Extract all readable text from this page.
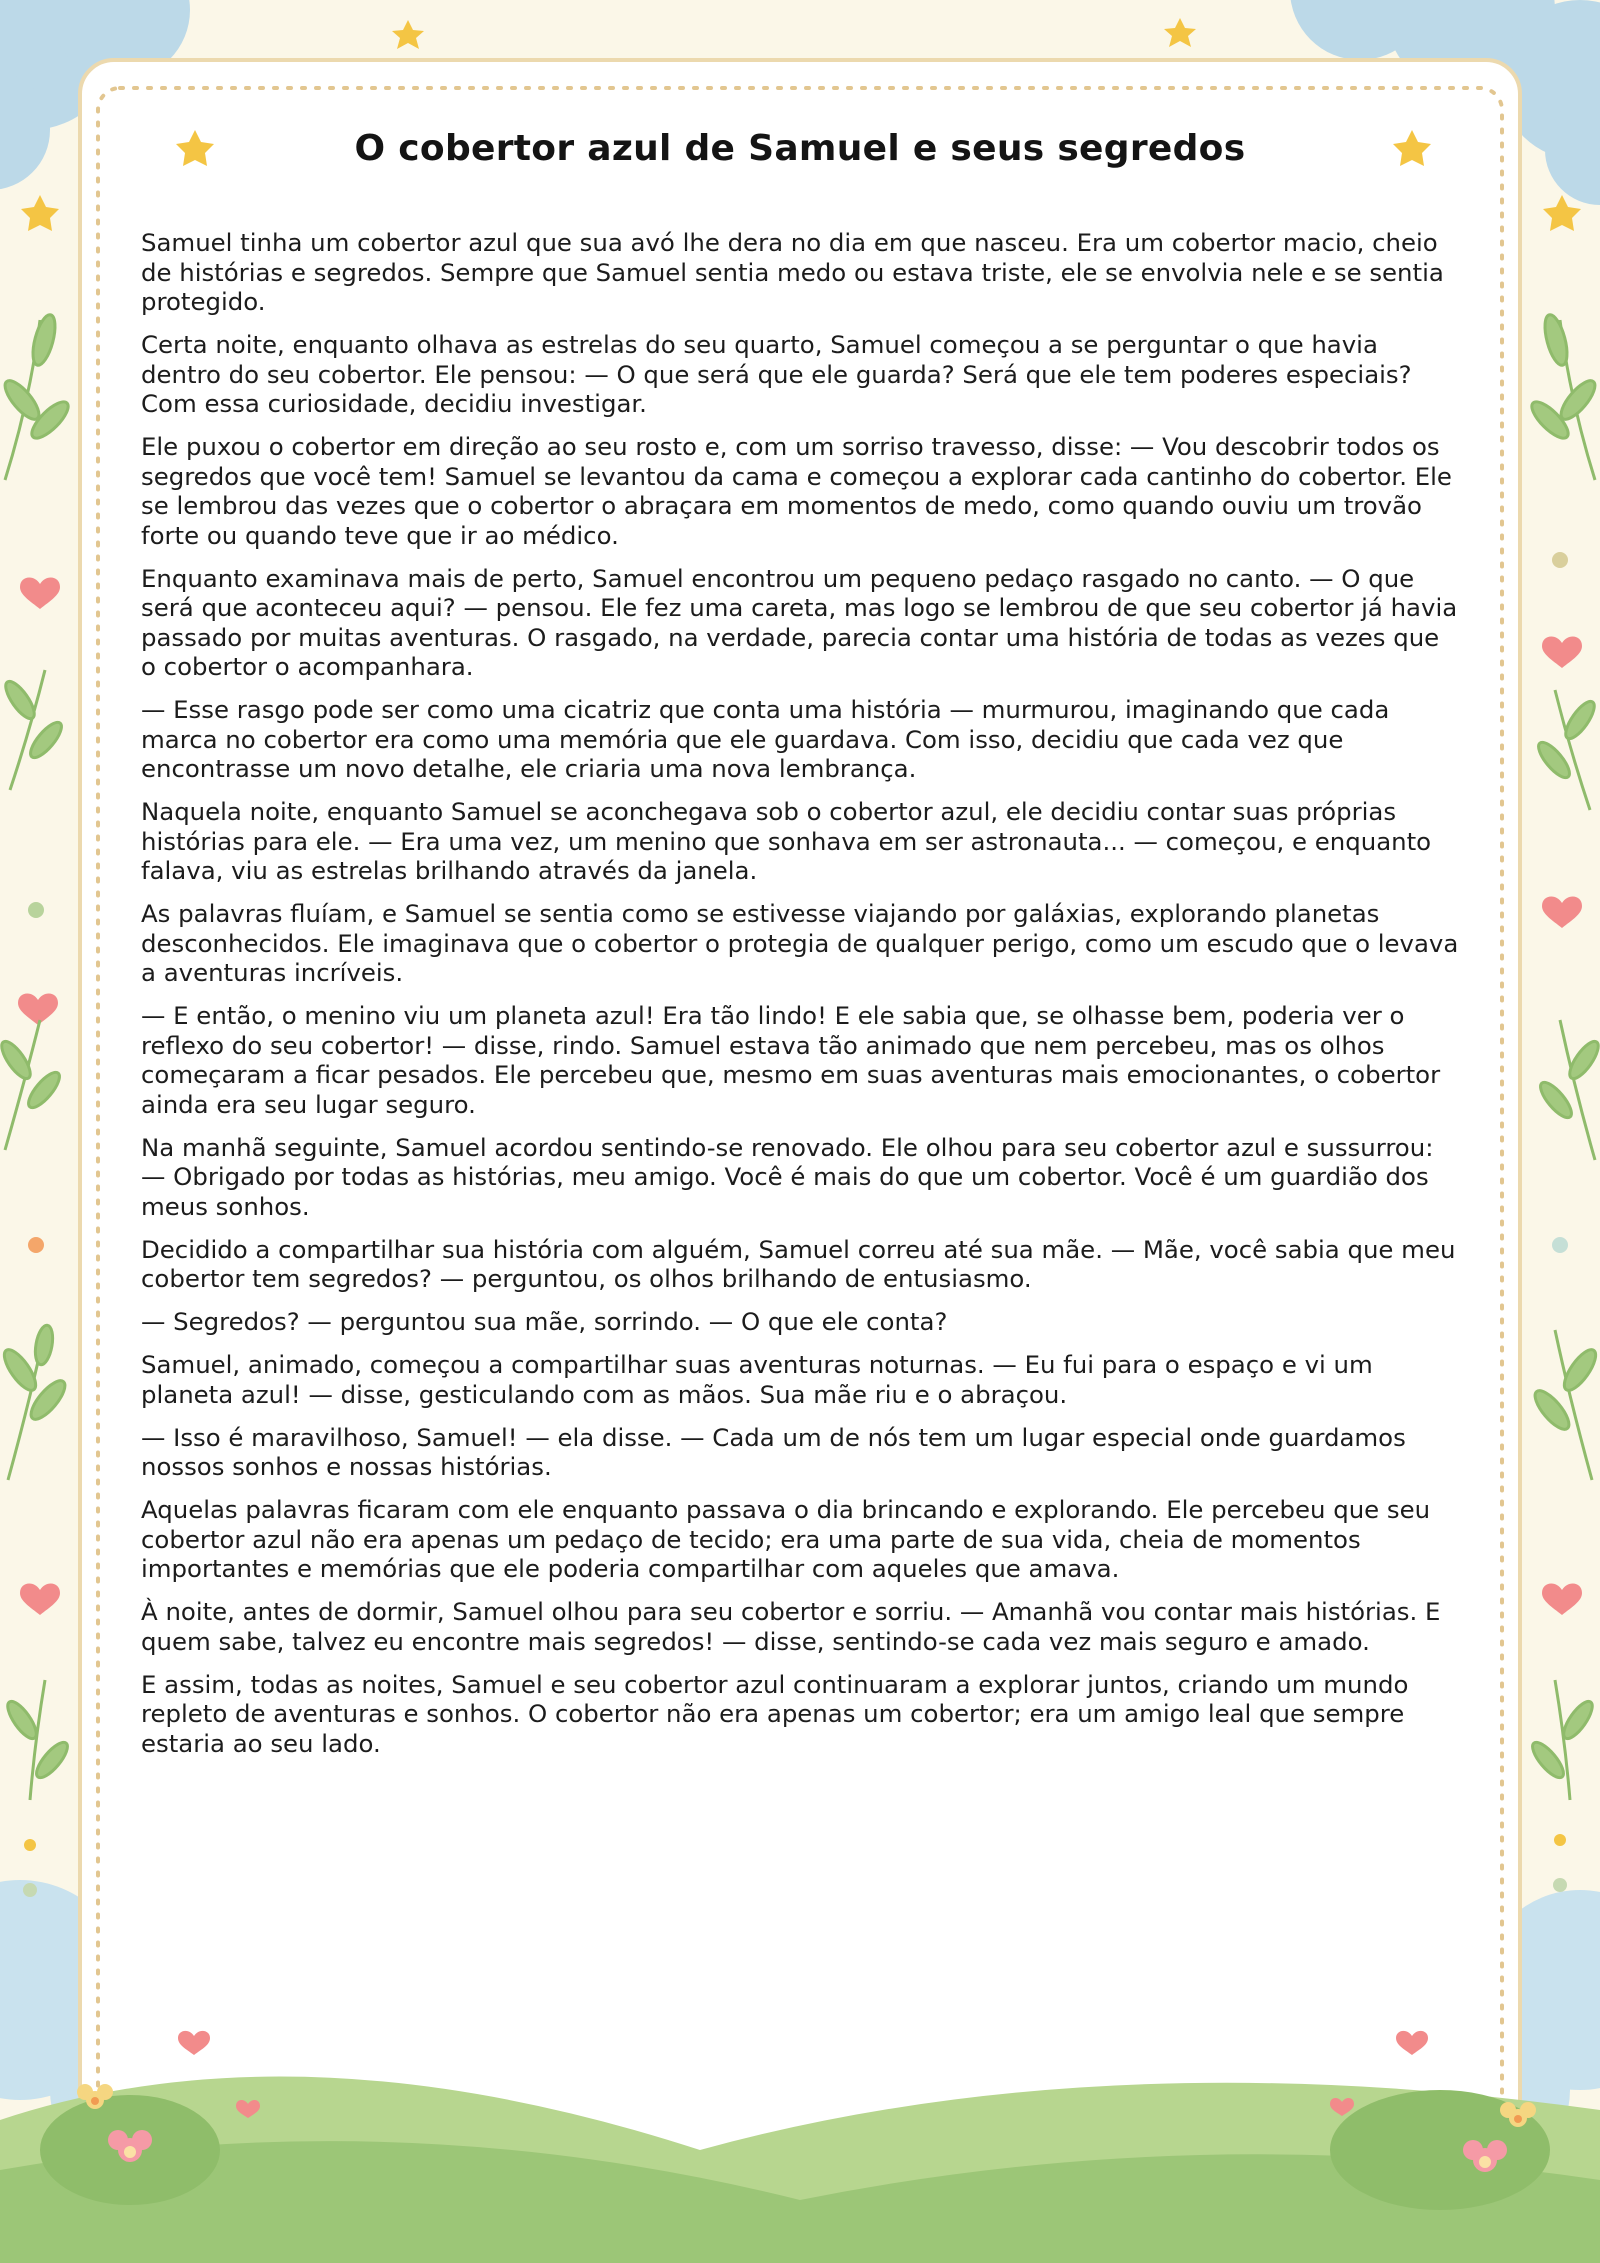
O cobertor azul de Samuel e seus segredos

Samuel tinha um cobertor azul que sua avó lhe dera no dia em que nasceu. Era um cobertor macio, cheio de histórias e segredos. Sempre que Samuel sentia medo ou estava triste, ele se envolvia nele e se sentia protegido.

Certa noite, enquanto olhava as estrelas do seu quarto, Samuel começou a se perguntar o que havia dentro do seu cobertor. Ele pensou: — O que será que ele guarda? Será que ele tem poderes especiais? Com essa curiosidade, decidiu investigar.

Ele puxou o cobertor em direção ao seu rosto e, com um sorriso travesso, disse: — Vou descobrir todos os segredos que você tem! Samuel se levantou da cama e começou a explorar cada cantinho do cobertor. Ele se lembrou das vezes que o cobertor o abraçara em momentos de medo, como quando ouviu um trovão forte ou quando teve que ir ao médico.

Enquanto examinava mais de perto, Samuel encontrou um pequeno pedaço rasgado no canto. — O que será que aconteceu aqui? — pensou. Ele fez uma careta, mas logo se lembrou de que seu cobertor já havia passado por muitas aventuras. O rasgado, na verdade, parecia contar uma história de todas as vezes que o cobertor o acompanhara.

— Esse rasgo pode ser como uma cicatriz que conta uma história — murmurou, imaginando que cada marca no cobertor era como uma memória que ele guardava. Com isso, decidiu que cada vez que encontrasse um novo detalhe, ele criaria uma nova lembrança.

Naquela noite, enquanto Samuel se aconchegava sob o cobertor azul, ele decidiu contar suas próprias histórias para ele. — Era uma vez, um menino que sonhava em ser astronauta... — começou, e enquanto falava, viu as estrelas brilhando através da janela.

As palavras fluíam, e Samuel se sentia como se estivesse viajando por galáxias, explorando planetas desconhecidos. Ele imaginava que o cobertor o protegia de qualquer perigo, como um escudo que o levava a aventuras incríveis.

— E então, o menino viu um planeta azul! Era tão lindo! E ele sabia que, se olhasse bem, poderia ver o reflexo do seu cobertor! — disse, rindo. Samuel estava tão animado que nem percebeu, mas os olhos começaram a ficar pesados. Ele percebeu que, mesmo em suas aventuras mais emocionantes, o cobertor ainda era seu lugar seguro.

Na manhã seguinte, Samuel acordou sentindo-se renovado. Ele olhou para seu cobertor azul e sussurrou: — Obrigado por todas as histórias, meu amigo. Você é mais do que um cobertor. Você é um guardião dos meus sonhos.

Decidido a compartilhar sua história com alguém, Samuel correu até sua mãe. — Mãe, você sabia que meu cobertor tem segredos? — perguntou, os olhos brilhando de entusiasmo.

— Segredos? — perguntou sua mãe, sorrindo. — O que ele conta?

Samuel, animado, começou a compartilhar suas aventuras noturnas. — Eu fui para o espaço e vi um planeta azul! — disse, gesticulando com as mãos. Sua mãe riu e o abraçou.

— Isso é maravilhoso, Samuel! — ela disse. — Cada um de nós tem um lugar especial onde guardamos nossos sonhos e nossas histórias.

Aquelas palavras ficaram com ele enquanto passava o dia brincando e explorando. Ele percebeu que seu cobertor azul não era apenas um pedaço de tecido; era uma parte de sua vida, cheia de momentos importantes e memórias que ele poderia compartilhar com aqueles que amava.

À noite, antes de dormir, Samuel olhou para seu cobertor e sorriu. — Amanhã vou contar mais histórias. E quem sabe, talvez eu encontre mais segredos! — disse, sentindo-se cada vez mais seguro e amado.

E assim, todas as noites, Samuel e seu cobertor azul continuaram a explorar juntos, criando um mundo repleto de aventuras e sonhos. O cobertor não era apenas um cobertor; era um amigo leal que sempre estaria ao seu lado.
